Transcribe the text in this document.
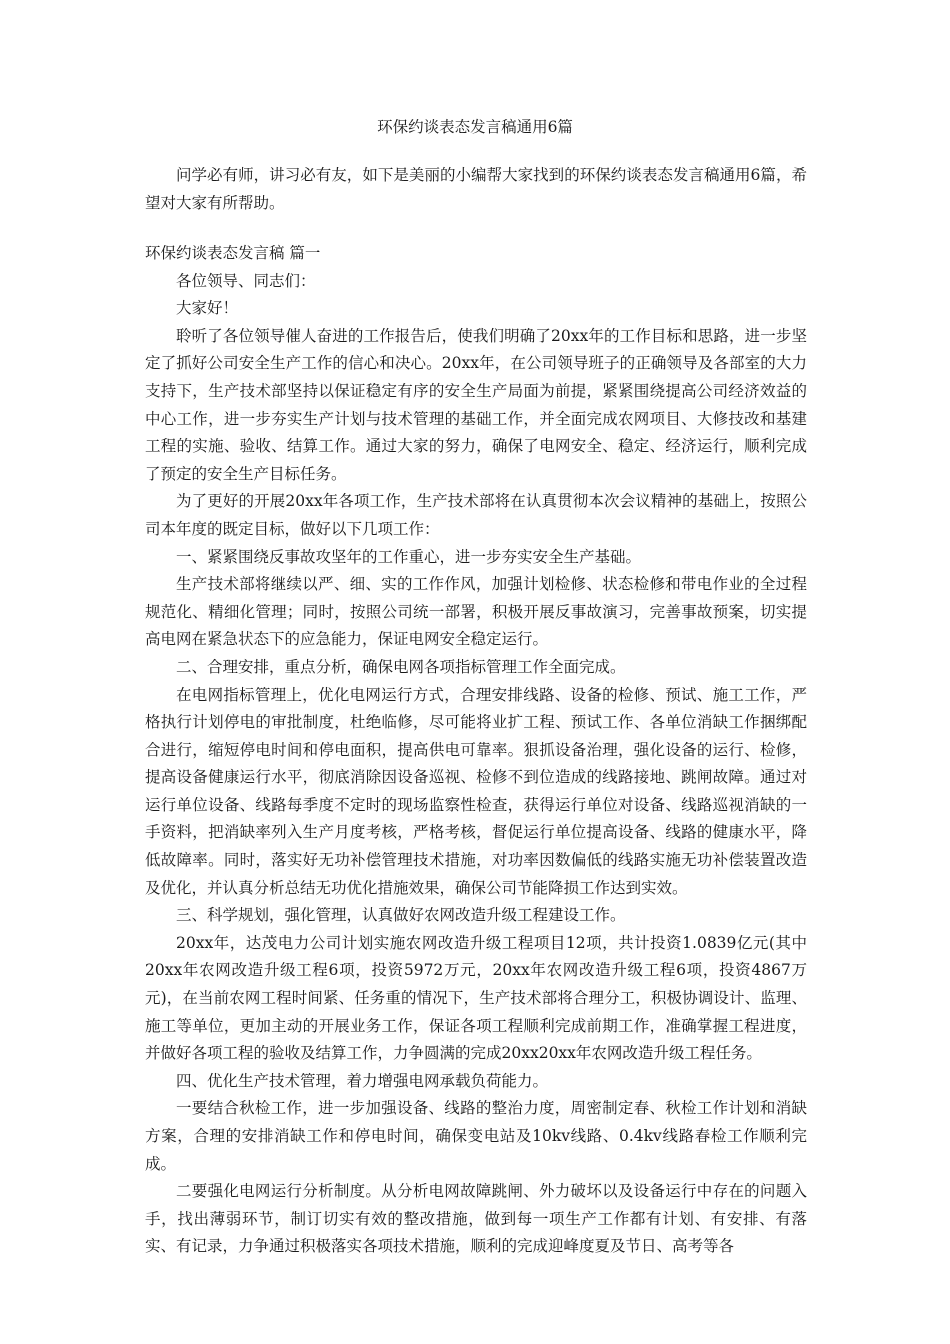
环保约谈表态发言稿通用6篇

问学必有师，讲习必有友，如下是美丽的小编帮大家找到的环保约谈表态发言稿通用6篇，希望对大家有所帮助。

环保约谈表态发言稿 篇一

各位领导、同志们：

大家好！

聆听了各位领导催人奋进的工作报告后，使我们明确了20xx年的工作目标和思路，进一步坚定了抓好公司安全生产工作的信心和决心。20xx年，在公司领导班子的正确领导及各部室的大力支持下，生产技术部坚持以保证稳定有序的安全生产局面为前提，紧紧围绕提高公司经济效益的中心工作，进一步夯实生产计划与技术管理的基础工作，并全面完成农网项目、大修技改和基建工程的实施、验收、结算工作。通过大家的努力，确保了电网安全、稳定、经济运行，顺利完成了预定的安全生产目标任务。

为了更好的开展20xx年各项工作，生产技术部将在认真贯彻本次会议精神的基础上，按照公司本年度的既定目标，做好以下几项工作：

一、紧紧围绕反事故攻坚年的工作重心，进一步夯实安全生产基础。

生产技术部将继续以严、细、实的工作作风，加强计划检修、状态检修和带电作业的全过程规范化、精细化管理；同时，按照公司统一部署，积极开展反事故演习，完善事故预案，切实提高电网在紧急状态下的应急能力，保证电网安全稳定运行。

二、合理安排，重点分析，确保电网各项指标管理工作全面完成。

在电网指标管理上，优化电网运行方式，合理安排线路、设备的检修、预试、施工工作，严格执行计划停电的审批制度，杜绝临修，尽可能将业扩工程、预试工作、各单位消缺工作捆绑配合进行，缩短停电时间和停电面积，提高供电可靠率。狠抓设备治理，强化设备的运行、检修，提高设备健康运行水平，彻底消除因设备巡视、检修不到位造成的线路接地、跳闸故障。通过对运行单位设备、线路每季度不定时的现场监察性检查，获得运行单位对设备、线路巡视消缺的一手资料，把消缺率列入生产月度考核，严格考核，督促运行单位提高设备、线路的健康水平，降低故障率。同时，落实好无功补偿管理技术措施，对功率因数偏低的线路实施无功补偿装置改造及优化，并认真分析总结无功优化措施效果，确保公司节能降损工作达到实效。

三、科学规划，强化管理，认真做好农网改造升级工程建设工作。

20xx年，达茂电力公司计划实施农网改造升级工程项目12项，共计投资1.0839亿元(其中20xx年农网改造升级工程6项，投资5972万元，20xx年农网改造升级工程6项，投资4867万元)，在当前农网工程时间紧、任务重的情况下，生产技术部将合理分工，积极协调设计、监理、施工等单位，更加主动的开展业务工作，保证各项工程顺利完成前期工作，准确掌握工程进度，并做好各项工程的验收及结算工作，力争圆满的完成20xx20xx年农网改造升级工程任务。

四、优化生产技术管理，着力增强电网承载负荷能力。

一要结合秋检工作，进一步加强设备、线路的整治力度，周密制定春、秋检工作计划和消缺方案，合理的安排消缺工作和停电时间，确保变电站及10kv线路、0.4kv线路春检工作顺利完成。

二要强化电网运行分析制度。从分析电网故障跳闸、外力破坏以及设备运行中存在的问题入手，找出薄弱环节，制订切实有效的整改措施，做到每一项生产工作都有计划、有安排、有落实、有记录，力争通过积极落实各项技术措施，顺利的完成迎峰度夏及节日、高考等各
